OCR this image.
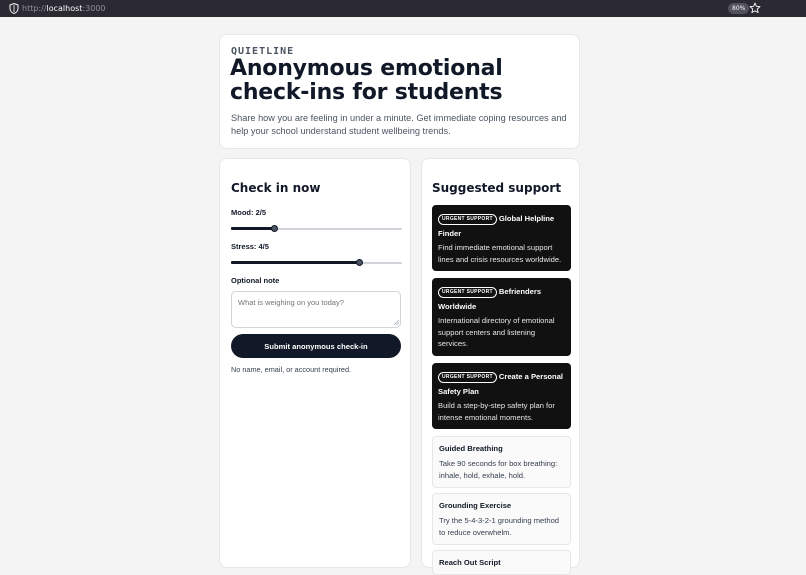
http://localhost:3000	80%
QUIETLINE
Anonymous emotional check-ins for students

Share how you are feeling in under a minute. Get immediate coping resources and help your school understand student wellbeing trends.

Check in now
Mood: 2/5
Stress: 4/5
Optional note
What is weighing on you today?
Submit anonymous check-in

No name, email, or account required.

Suggested support
URGENT SUPPORT Global Helpline Finder
Find immediate emotional support lines and crisis resources worldwide.
URGENT SUPPORT Befrienders Worldwide
International directory of emotional support centers and listening services.
URGENT SUPPORT Create a Personal Safety Plan
Build a step-by-step safety plan for intense emotional moments.
Guided Breathing
Take 90 seconds for box breathing: inhale, hold, exhale, hold.
Grounding Exercise
Try the 5-4-3-2-1 grounding method to reduce overwhelm.
Reach Out Script
